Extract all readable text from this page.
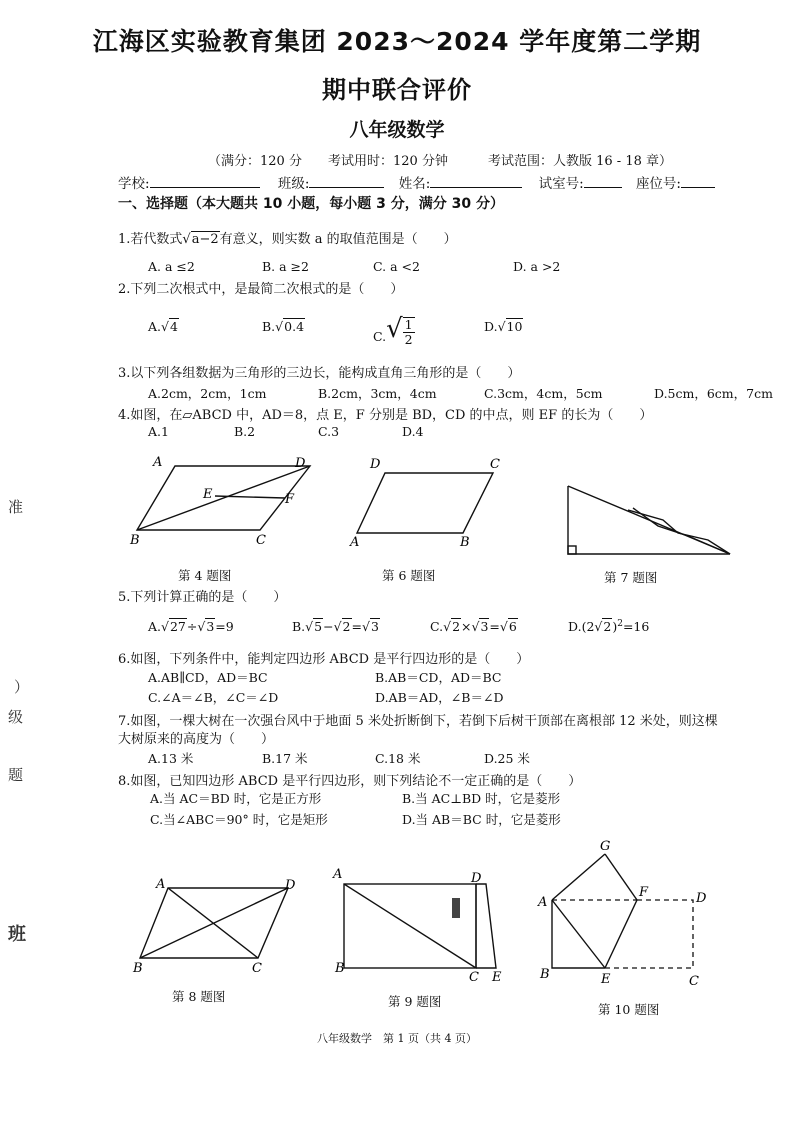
江海区实验教育集团 2023～2024 学年度第二学期
期中联合评价
八年级数学
（满分：120 分 考试用时：120 分钟	考试范围：人教版 16 - 18 章）
学校:	班级:	姓名:	试室号:	座位号:
一、选择题（本大题共 10 小题，每小题 3 分，满分 30 分）
1.若代数式√a−2有意义，则实数 a 的取值范围是（　　）
A. a ≤2	B. a ≥2	C. a <2	D. a >2
2.下列二次根式中，是最简二次根式的是（　　）
A.√4	B.√0.4
$C.√ \frac{1}{2}$	D.√10
3.以下列各组数据为三角形的三边长，能构成直角三角形的是（　　）
A.2cm，2cm，1cm	B.2cm，3cm，4cm	C.3cm，4cm，5cm	D.5cm，6cm，7cm
4.如图，在▱ABCD 中，AD＝8，点 E，F 分别是 BD，CD 的中点，则 EF 的长为（　　）
A.1	B.2	C.3	D.4
A	D
E	F
B	C
D	C
A	B
第 4 题图	第 6 题图	第 7 题图
5.下列计算正确的是（　　）
A.√27÷√3=9	B.√5−√2=√3	C.√2×√3=√6	$D.(2√2)^2=16$
6.如图，下列条件中，能判定四边形 ABCD 是平行四边形的是（　　）
A.AB∥CD，AD＝BC	B.AB＝CD，AD＝BC
C.∠A＝∠B，∠C＝∠D	D.AB＝AD，∠B＝∠D
7.如图，一棵大树在一次强台风中于地面 5 米处折断倒下，若倒下后树干顶部在离根部 12 米处，则这棵
大树原来的高度为（　　）
A.13 米	B.17 米	C.18 米	D.25 米
8.如图，已知四边形 ABCD 是平行四边形，则下列结论不一定正确的是（　　）
A.当 AC＝BD 时，它是正方形	B.当 AC⊥BD 时，它是菱形
C.当∠ABC＝90° 时，它是矩形	D.当 AB＝BC 时，它是菱形
A	D
B	C
A	D
B
C E
G
A
F	D
B	E	C
第 8 题图	第 9 题图
第 10 题图
准
）
题
级
班
八年级数学　第 1 页（共 4 页）
